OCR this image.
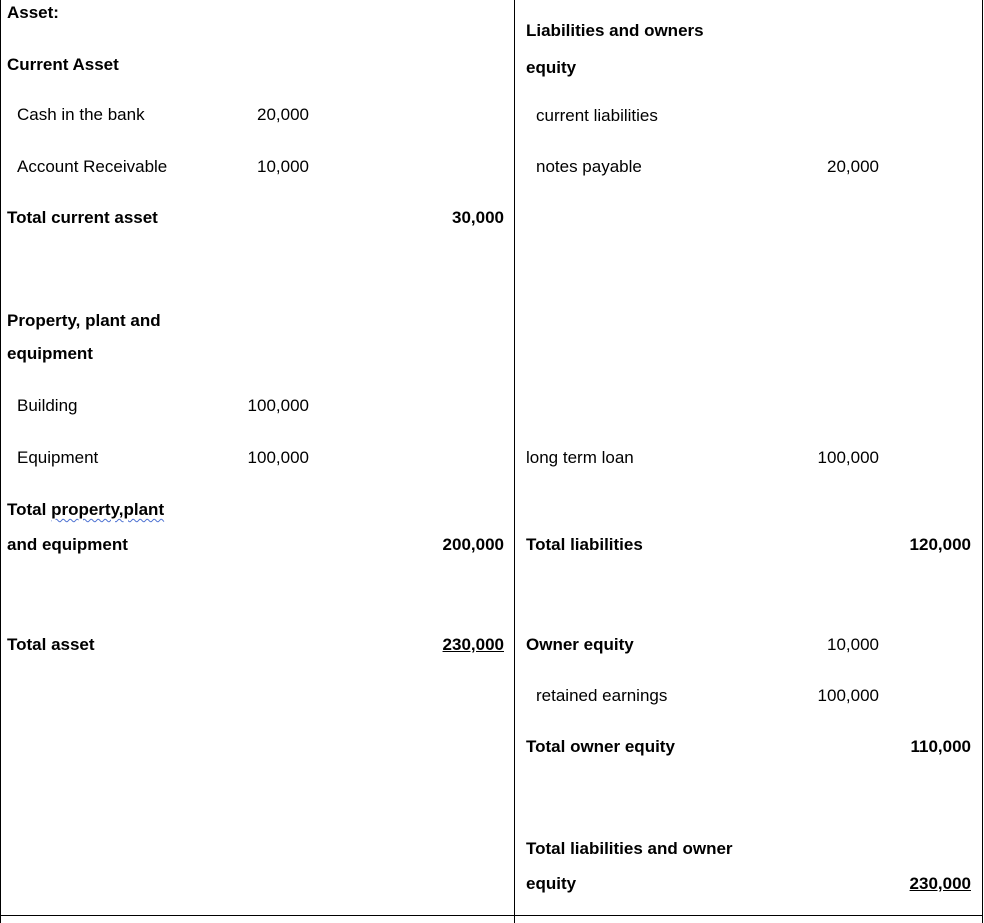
Asset:
Current Asset
Cash in the bank	20,000
Account Receivable	10,000
Total current asset	30,000
Property, plant and
equipment
Building	100,000
Equipment	100,000
Total property,plant
and equipment	200,000
Total asset	230,000
Liabilities and owners
equity
current liabilities
notes payable	20,000
long term loan	100,000
Total liabilities	120,000
Owner equity	10,000
retained earnings	100,000
Total owner equity	110,000
Total liabilities and owner
equity	230,000
